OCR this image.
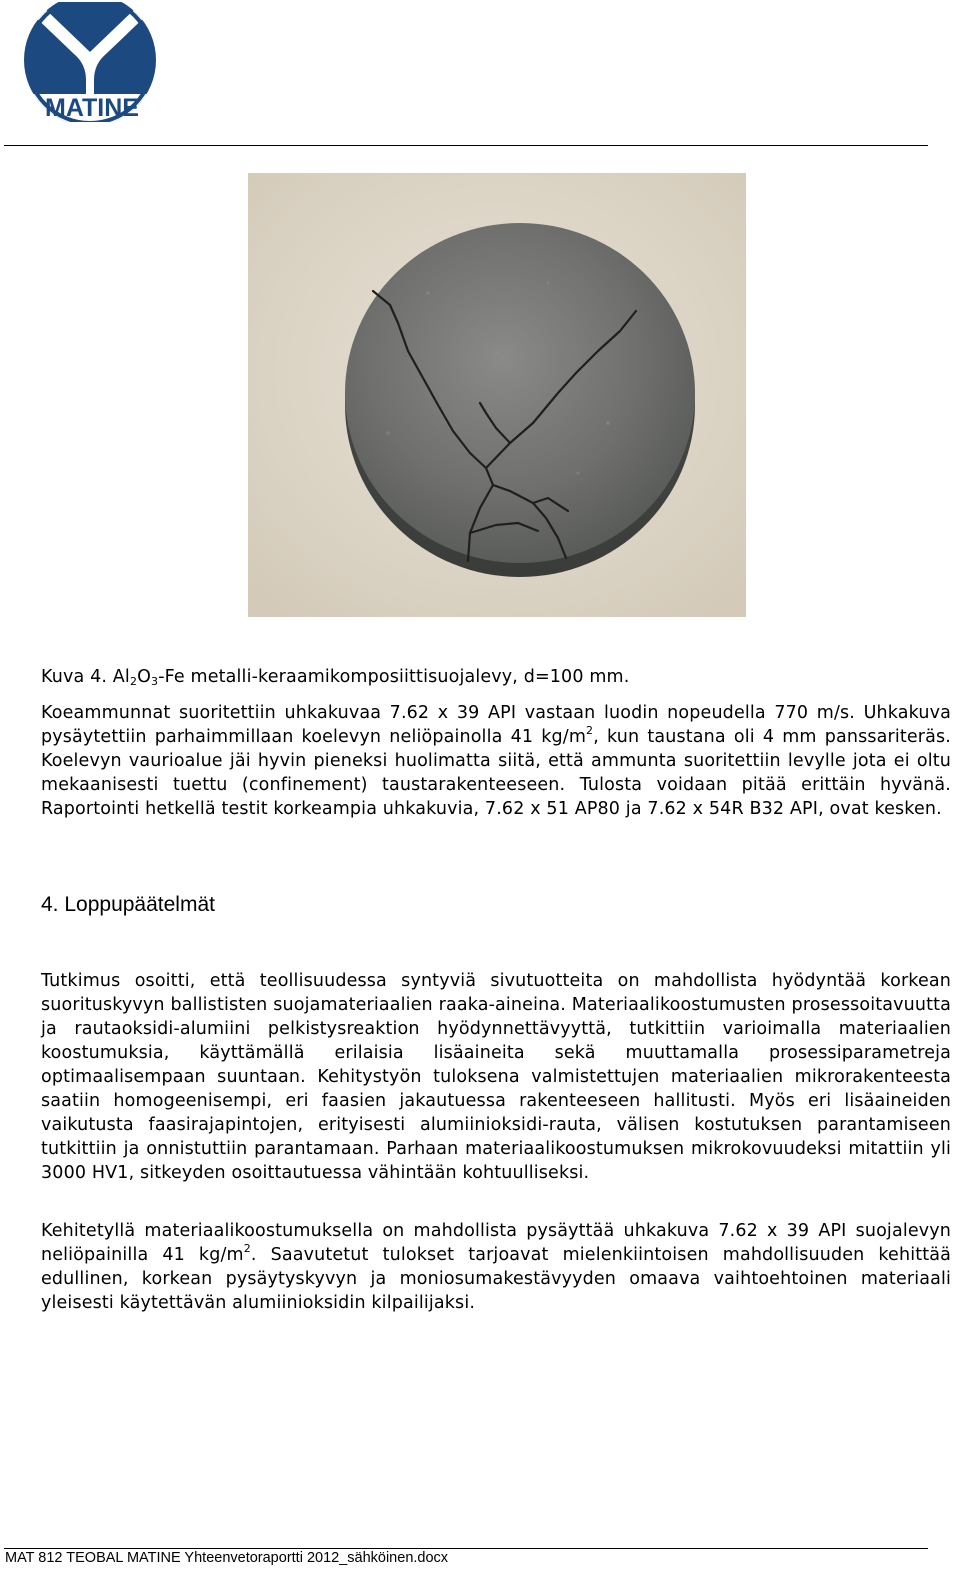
MATINE
Kuva 4. $Al_2O_3-Fe$ metalli-keraamikomposiittisuojalevy, d=100 mm.
Koeammunnat suoritettiin uhkakuvaa 7.62 x 39 API vastaan luodin nopeudella 770 m/s. Uhkakuva pysäytettiin parhaimmillaan koelevyn neliöpainolla 41 $kg/m^2$, kun taustana oli 4 mm panssariteräs. Koelevyn vaurioalue jäi hyvin pieneksi huolimatta siitä, että ammunta suoritettiin levylle jota ei oltu mekaanisesti tuettu (confinement) taustarakenteeseen. Tulosta voidaan pitää erittäin hyvänä. Raportointi hetkellä testit korkeampia uhkakuvia, 7.62 x 51 AP80 ja 7.62 x 54R B32 API, ovat kesken.
4. Loppupäätelmät
Tutkimus osoitti, että teollisuudessa syntyviä sivutuotteita on mahdollista hyödyntää korkean suorituskyvyn ballististen suojamateriaalien raaka-aineina. Materiaalikoostumusten prosessoitavuutta ja rautaoksidi-alumiini pelkistysreaktion hyödynnettävyyttä, tutkittiin varioimalla materiaalien koostumuksia, käyttämällä erilaisia lisäaineita sekä muuttamalla prosessiparametreja optimaalisempaan suuntaan. Kehitystyön tuloksena valmistettujen materiaalien mikrorakenteesta saatiin homogeenisempi, eri faasien jakautuessa rakenteeseen hallitusti. Myös eri lisäaineiden vaikutusta faasirajapintojen, erityisesti alumiinioksidi-rauta, välisen kostutuksen parantamiseen tutkittiin ja onnistuttiin parantamaan. Parhaan materiaalikoostumuksen mikrokovuudeksi mitattiin yli 3000 HV1, sitkeyden osoittautuessa vähintään kohtuulliseksi.
Kehitetyllä materiaalikoostumuksella on mahdollista pysäyttää uhkakuva 7.62 x 39 API suojalevyn neliöpainilla 41 $kg/m^2$. Saavutetut tulokset tarjoavat mielenkiintoisen mahdollisuuden kehittää edullinen, korkean pysäytyskyvyn ja moniosumakestävyyden omaava vaihtoehtoinen materiaali yleisesti käytettävän alumiinioksidin kilpailijaksi.
MAT 812 TEOBAL MATINE Yhteenvetoraportti 2012_sähköinen.docx
